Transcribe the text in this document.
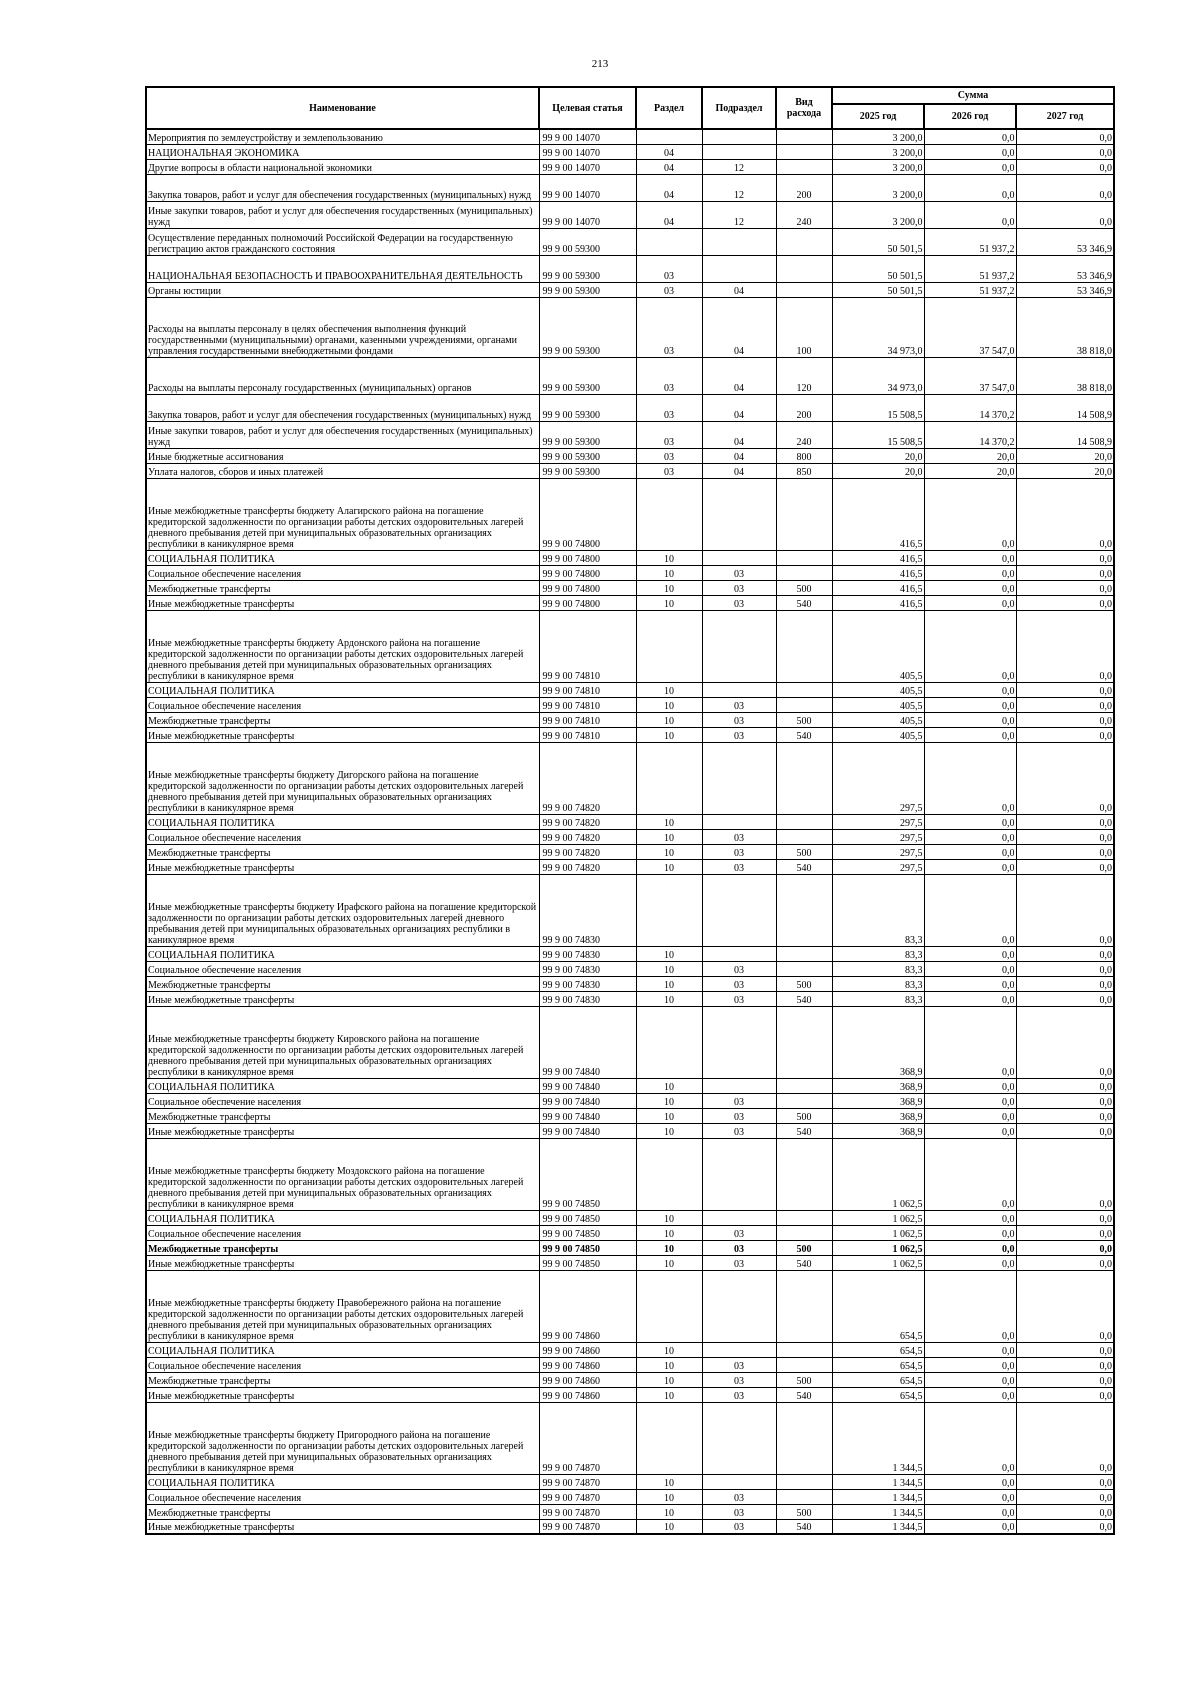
213
Наименование	Целевая статья	Раздел	Подраздел	Вид расхода	Сумма		
					2025 год	2026 год	2027 год
Мероприятия по землеустройству и землепользованию	99 9 00 14070				3 200,0	0,0	0,0
НАЦИОНАЛЬНАЯ ЭКОНОМИКА	99 9 00 14070	04			3 200,0	0,0	0,0
Другие вопросы в области национальной экономики	99 9 00 14070	04	12		3 200,0	0,0	0,0
Закупка товаров, работ и услуг для обеспечения государственных (муниципальных) нужд	99 9 00 14070	04	12	200	3 200,0	0,0	0,0
Иные закупки товаров, работ и услуг для обеспечения государственных (муниципальных) нужд	99 9 00 14070	04	12	240	3 200,0	0,0	0,0
Осуществление переданных полномочий Российской Федерации на государственную регистрацию актов гражданского состояния	99 9 00 59300				50 501,5	51 937,2	53 346,9
НАЦИОНАЛЬНАЯ БЕЗОПАСНОСТЬ И ПРАВООХРАНИТЕЛЬНАЯ ДЕЯТЕЛЬНОСТЬ	99 9 00 59300	03			50 501,5	51 937,2	53 346,9
Органы юстиции	99 9 00 59300	03	04		50 501,5	51 937,2	53 346,9
Расходы на выплаты персоналу в целях обеспечения выполнения функций государственными (муниципальными) органами, казенными учреждениями, органами управления государственными внебюджетными фондами	99 9 00 59300	03	04	100	34 973,0	37 547,0	38 818,0
Расходы на выплаты персоналу государственных (муниципальных) органов	99 9 00 59300	03	04	120	34 973,0	37 547,0	38 818,0
Закупка товаров, работ и услуг для обеспечения государственных (муниципальных) нужд	99 9 00 59300	03	04	200	15 508,5	14 370,2	14 508,9
Иные закупки товаров, работ и услуг для обеспечения государственных (муниципальных) нужд	99 9 00 59300	03	04	240	15 508,5	14 370,2	14 508,9
Иные бюджетные ассигнования	99 9 00 59300	03	04	800	20,0	20,0	20,0
Уплата налогов, сборов и иных платежей	99 9 00 59300	03	04	850	20,0	20,0	20,0
Иные межбюджетные трансферты бюджету Алагирского района на погашение кредиторской задолженности по организации работы детских оздоровительных лагерей дневного пребывания детей при муниципальных образовательных организациях республики в каникулярное время	99 9 00 74800				416,5	0,0	0,0
СОЦИАЛЬНАЯ ПОЛИТИКА	99 9 00 74800	10			416,5	0,0	0,0
Социальное обеспечение населения	99 9 00 74800	10	03		416,5	0,0	0,0
Межбюджетные трансферты	99 9 00 74800	10	03	500	416,5	0,0	0,0
Иные межбюджетные трансферты	99 9 00 74800	10	03	540	416,5	0,0	0,0
Иные межбюджетные трансферты бюджету Ардонского района на погашение кредиторской задолженности по организации работы детских оздоровительных лагерей дневного пребывания детей при муниципальных образовательных организациях республики в каникулярное время	99 9 00 74810				405,5	0,0	0,0
СОЦИАЛЬНАЯ ПОЛИТИКА	99 9 00 74810	10			405,5	0,0	0,0
Социальное обеспечение населения	99 9 00 74810	10	03		405,5	0,0	0,0
Межбюджетные трансферты	99 9 00 74810	10	03	500	405,5	0,0	0,0
Иные межбюджетные трансферты	99 9 00 74810	10	03	540	405,5	0,0	0,0
Иные межбюджетные трансферты бюджету Дигорского района на погашение кредиторской задолженности по организации работы детских оздоровительных лагерей дневного пребывания детей при муниципальных образовательных организациях республики в каникулярное время	99 9 00 74820				297,5	0,0	0,0
СОЦИАЛЬНАЯ ПОЛИТИКА	99 9 00 74820	10			297,5	0,0	0,0
Социальное обеспечение населения	99 9 00 74820	10	03		297,5	0,0	0,0
Межбюджетные трансферты	99 9 00 74820	10	03	500	297,5	0,0	0,0
Иные межбюджетные трансферты	99 9 00 74820	10	03	540	297,5	0,0	0,0
Иные межбюджетные трансферты бюджету Ирафского района на погашение кредиторской задолженности по организации работы детских оздоровительных лагерей дневного пребывания детей при муниципальных образовательных организациях республики в каникулярное время	99 9 00 74830				83,3	0,0	0,0
СОЦИАЛЬНАЯ ПОЛИТИКА	99 9 00 74830	10			83,3	0,0	0,0
Социальное обеспечение населения	99 9 00 74830	10	03		83,3	0,0	0,0
Межбюджетные трансферты	99 9 00 74830	10	03	500	83,3	0,0	0,0
Иные межбюджетные трансферты	99 9 00 74830	10	03	540	83,3	0,0	0,0
Иные межбюджетные трансферты бюджету Кировского района на погашение кредиторской задолженности по организации работы детских оздоровительных лагерей дневного пребывания детей при муниципальных образовательных организациях республики в каникулярное время	99 9 00 74840				368,9	0,0	0,0
СОЦИАЛЬНАЯ ПОЛИТИКА	99 9 00 74840	10			368,9	0,0	0,0
Социальное обеспечение населения	99 9 00 74840	10	03		368,9	0,0	0,0
Межбюджетные трансферты	99 9 00 74840	10	03	500	368,9	0,0	0,0
Иные межбюджетные трансферты	99 9 00 74840	10	03	540	368,9	0,0	0,0
Иные межбюджетные трансферты бюджету Моздокского района на погашение кредиторской задолженности по организации работы детских оздоровительных лагерей дневного пребывания детей при муниципальных образовательных организациях республики в каникулярное время	99 9 00 74850				1 062,5	0,0	0,0
СОЦИАЛЬНАЯ ПОЛИТИКА	99 9 00 74850	10			1 062,5	0,0	0,0
Социальное обеспечение населения	99 9 00 74850	10	03		1 062,5	0,0	0,0
Межбюджетные трансферты	99 9 00 74850	10	03	500	1 062,5	0,0	0,0
Иные межбюджетные трансферты	99 9 00 74850	10	03	540	1 062,5	0,0	0,0
Иные межбюджетные трансферты бюджету Правобережного района на погашение кредиторской задолженности по организации работы детских оздоровительных лагерей дневного пребывания детей при муниципальных образовательных организациях республики в каникулярное время	99 9 00 74860				654,5	0,0	0,0
СОЦИАЛЬНАЯ ПОЛИТИКА	99 9 00 74860	10			654,5	0,0	0,0
Социальное обеспечение населения	99 9 00 74860	10	03		654,5	0,0	0,0
Межбюджетные трансферты	99 9 00 74860	10	03	500	654,5	0,0	0,0
Иные межбюджетные трансферты	99 9 00 74860	10	03	540	654,5	0,0	0,0
Иные межбюджетные трансферты бюджету Пригородного района на погашение кредиторской задолженности по организации работы детских оздоровительных лагерей дневного пребывания детей при муниципальных образовательных организациях республики в каникулярное время	99 9 00 74870				1 344,5	0,0	0,0
СОЦИАЛЬНАЯ ПОЛИТИКА	99 9 00 74870	10			1 344,5	0,0	0,0
Социальное обеспечение населения	99 9 00 74870	10	03		1 344,5	0,0	0,0
Межбюджетные трансферты	99 9 00 74870	10	03	500	1 344,5	0,0	0,0
Иные межбюджетные трансферты	99 9 00 74870	10	03	540	1 344,5	0,0	0,0
